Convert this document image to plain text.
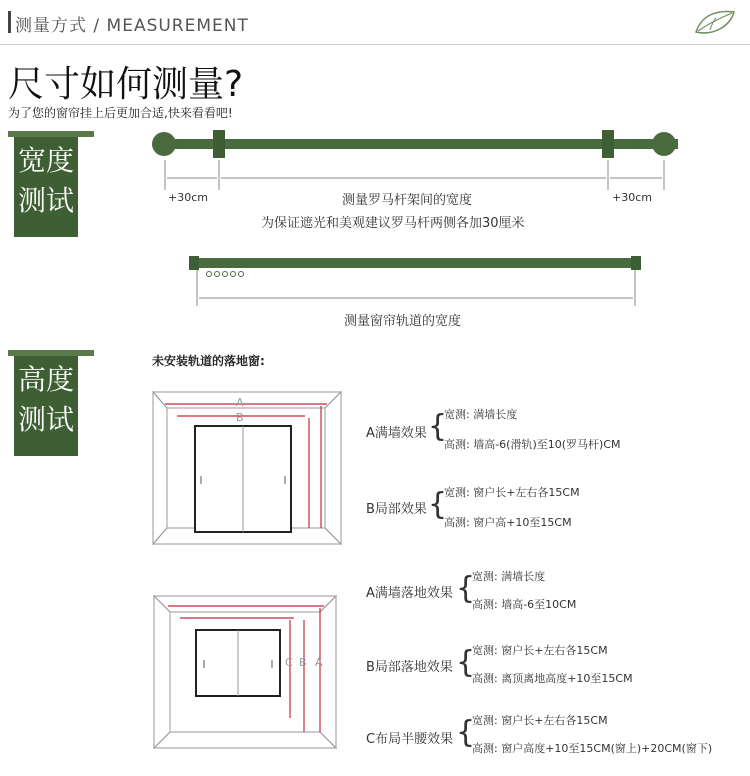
测量方式 / MEASUREMENT
尺寸如何测量?
为了您的窗帘挂上后更加合适,快来看看吧!
宽度
测试	+30cm	+30cm
测量罗马杆架间的宽度
为保证遮光和美观建议罗马杆两侧各加30厘米
测量窗帘轨道的宽度
高度
测试
未安装轨道的落地窗:
A
B
C B A
A满墙效果 {
宽测: 满墙长度
高测: 墙高-6(滑轨)至10(罗马杆)CM
B局部效果 {
宽测: 窗户长+左右各15CM
高测: 窗户高+10至15CM
A满墙落地效果 {
宽测: 满墙长度
高测: 墙高-6至10CM
B局部落地效果 {
宽测: 窗户长+左右各15CM
高测: 离顶离地高度+10至15CM
C布局半腰效果 {
宽测: 窗户长+左右各15CM
高测: 窗户高度+10至15CM(窗上)+20CM(窗下)
